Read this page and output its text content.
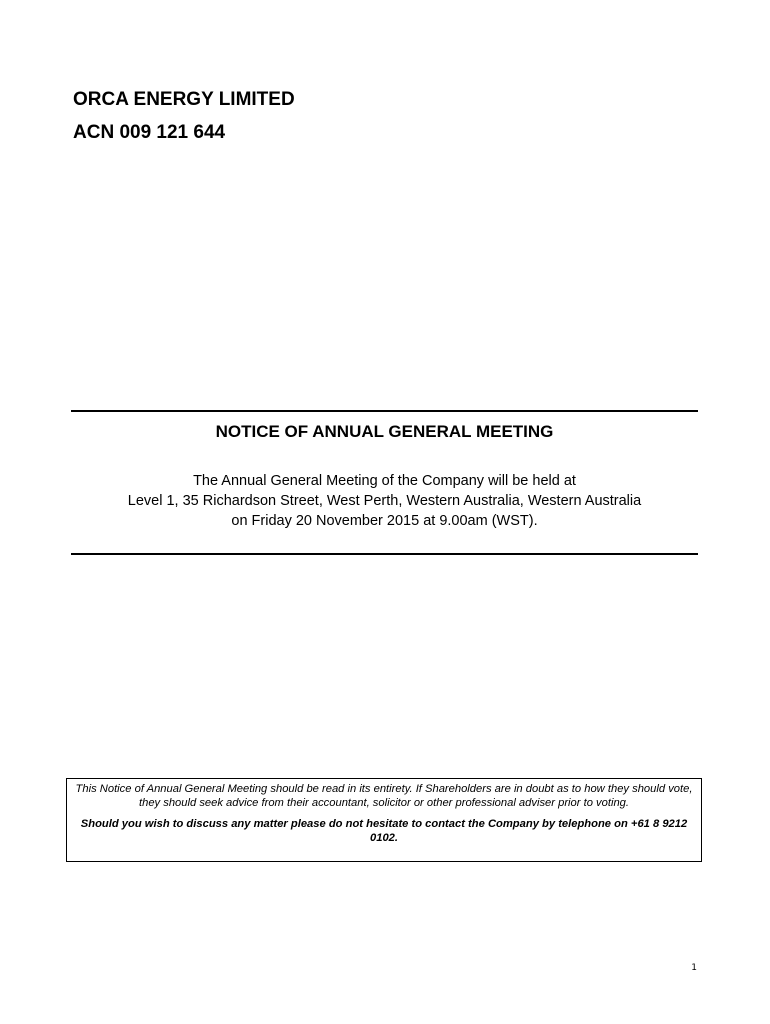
ORCA ENERGY LIMITED
ACN 009 121 644
NOTICE OF ANNUAL GENERAL MEETING
The Annual General Meeting of the Company will be held at
Level 1, 35 Richardson Street, West Perth, Western Australia, Western Australia
on Friday 20 November 2015 at 9.00am (WST).

This Notice of Annual General Meeting should be read in its entirety. If Shareholders are in doubt as to how they should vote, they should seek advice from their accountant, solicitor or other professional adviser prior to voting.

Should you wish to discuss any matter please do not hesitate to contact the Company by telephone on +61 8 9212 0102.

1
